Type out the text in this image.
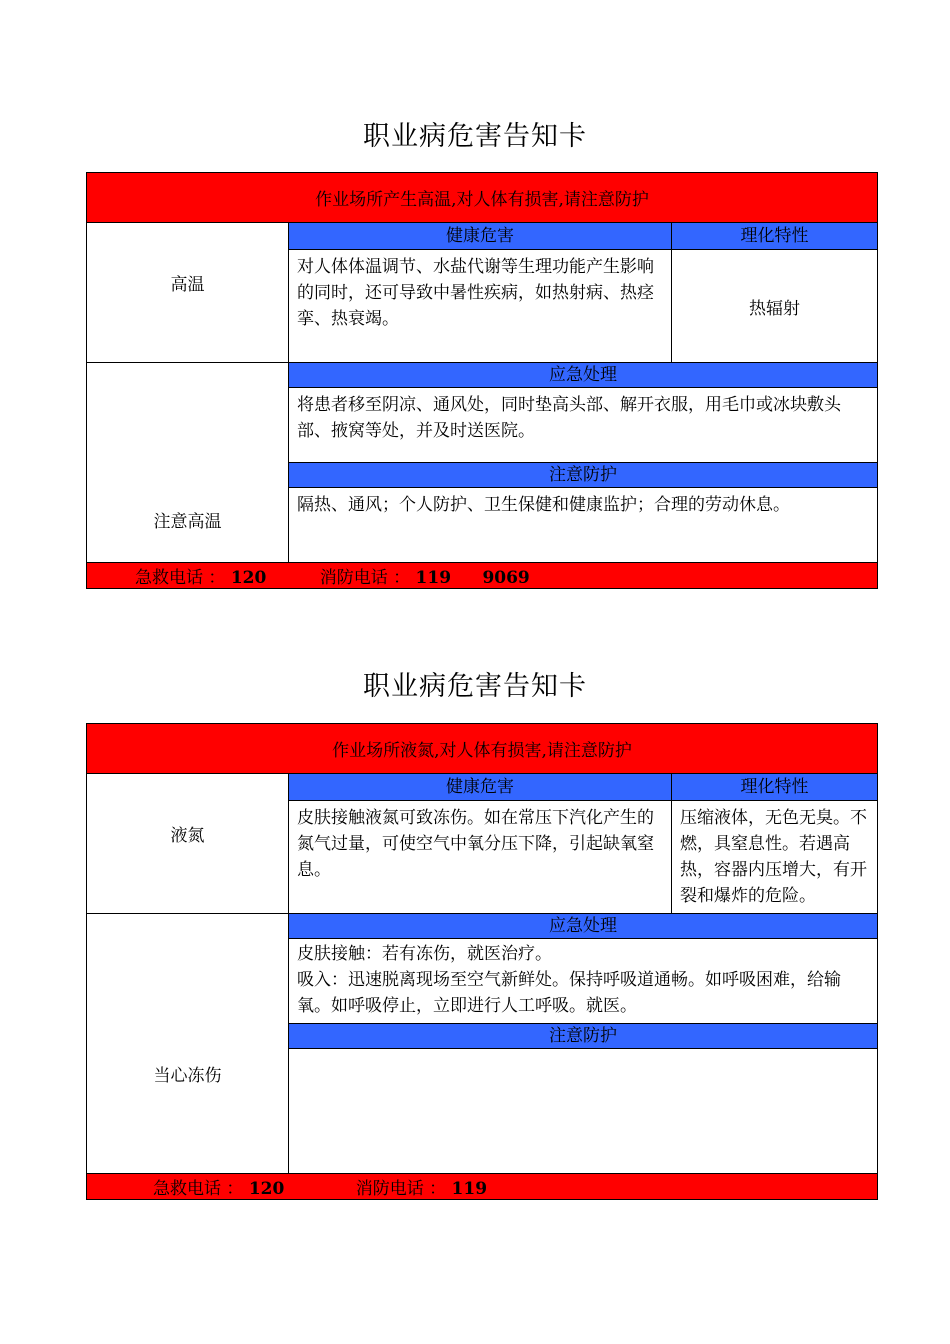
职业病危害告知卡
作业场所产生高温,对人体有损害,请注意防护		
高温	健康危害	理化特性
	对人体体温调节、水盐代谢等生理功能产生影响的同时，还可导致中暑性疾病，如热射病、热痉挛、热衰竭。	热辐射
注意高温	应急处理	
	将患者移至阴凉、通风处，同时垫高头部、解开衣服，用毛巾或冰块敷头部、掖窝等处，并及时送医院。	
	注意防护	
	隔热、通风；个人防护、卫生保健和健康监护；合理的劳动休息。	
急救电话 ： 120 消防电话 ： 119 9069		
职业病危害告知卡
作业场所液氮,对人体有损害,请注意防护		
液氮	健康危害	理化特性
	皮肤接触液氮可致冻伤。如在常压下汽化产生的氮气过量，可使空气中氧分压下降，引起缺氧窒息。	压缩液体，无色无臭。不燃，具窒息性。若遇高热，容器内压增大，有开裂和爆炸的危险。
当心冻伤	应急处理	

	皮肤接触：若有冻伤，就医治疗。
吸入：迅速脱离现场至空气新鲜处。保持呼吸道通畅。如呼吸困难，给输氧。如呼吸停止，立即进行人工呼吸。就医。	

	注意防护	

急救电话 ： 120 消防电话 ： 119		
